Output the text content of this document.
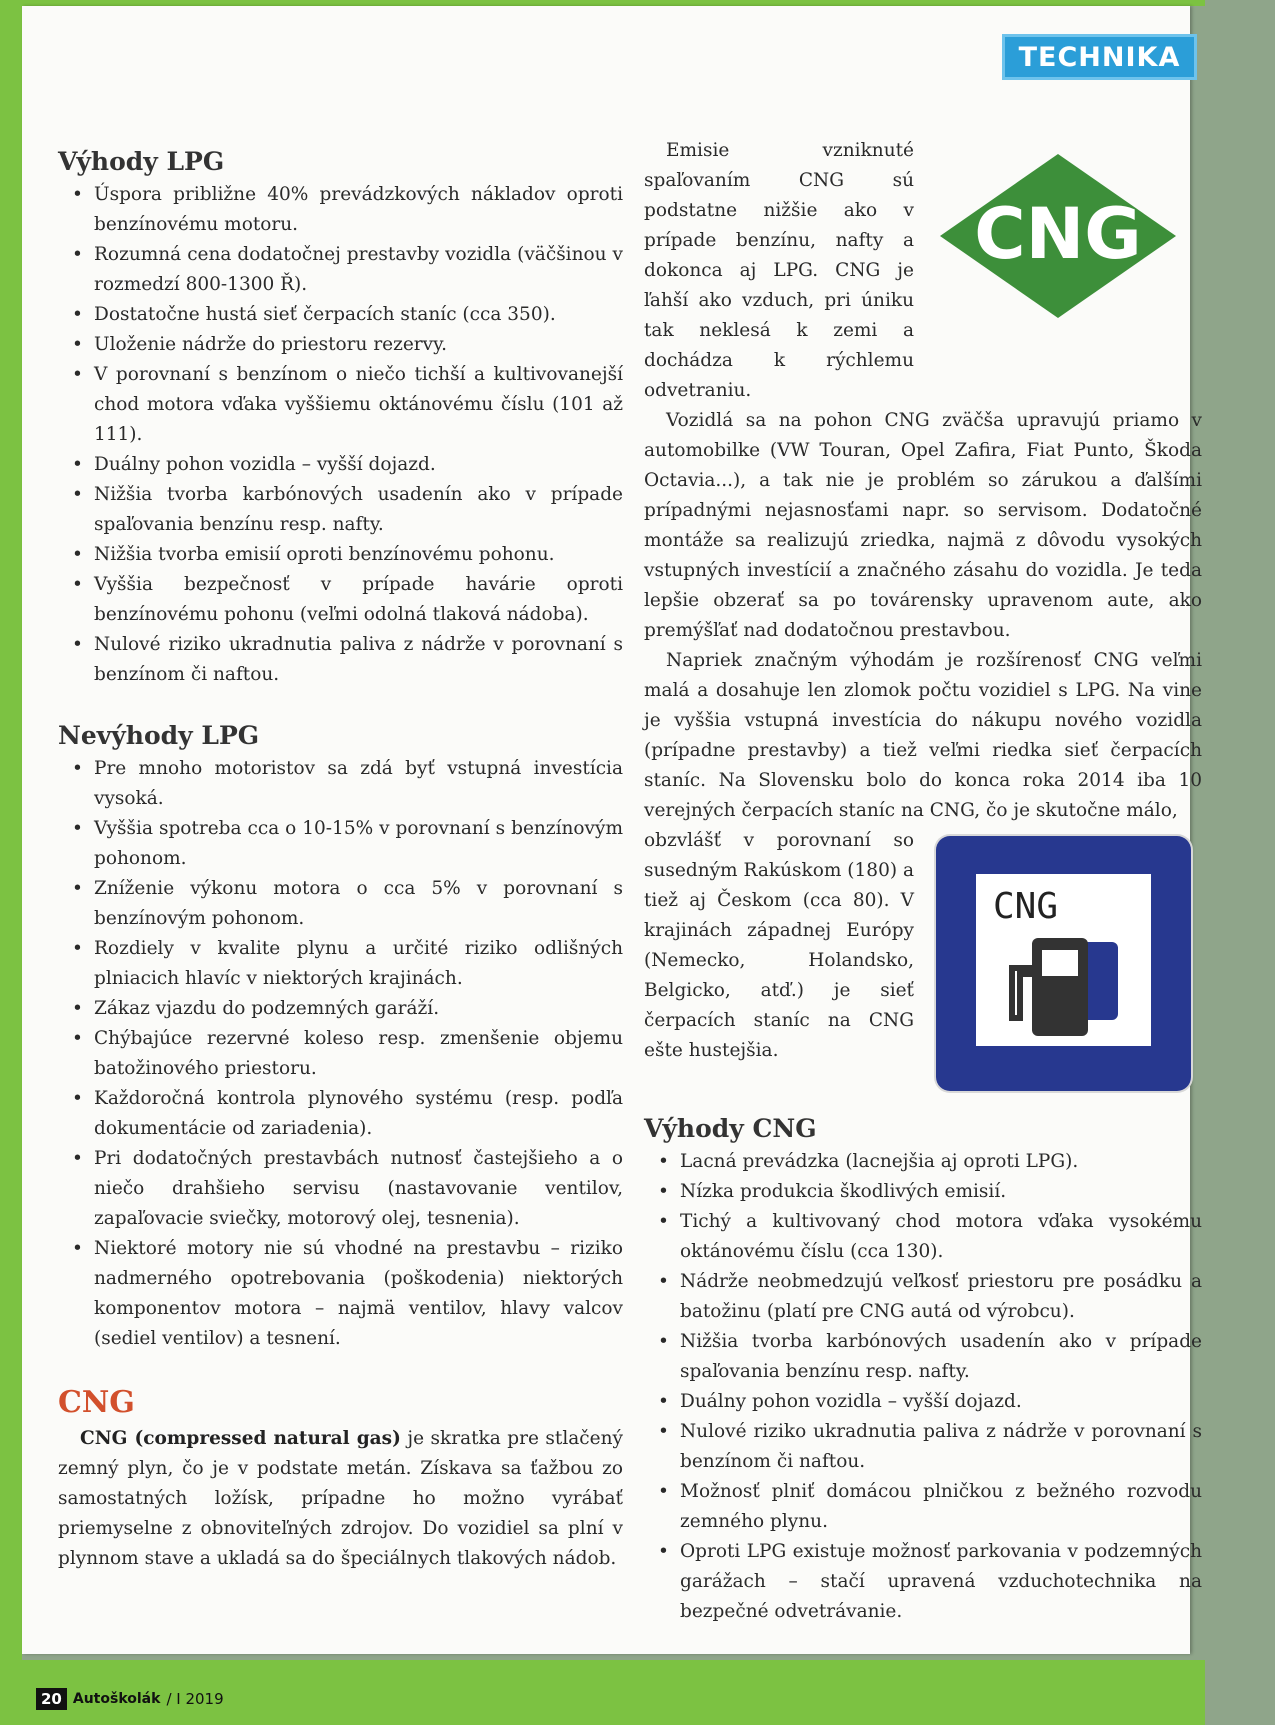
TECHNIKA
Výhody LPG
• Úspora približne 40% prevádzkových nákladov oproti benzínovému motoru.
• Rozumná cena dodatočnej prestavby vozidla (väčšinou v rozmedzí 800-1300 Ř).
• Dostatočne hustá sieť čerpacích staníc (cca 350).
• Uloženie nádrže do priestoru rezervy.
• V porovnaní s benzínom o niečo tichší a kultivovanejší chod motora vďaka vyššiemu oktánovému číslu (101 až 111).
• Duálny pohon vozidla – vyšší dojazd.
• Nižšia tvorba karbónových usadenín ako v prípade spaľovania benzínu resp. nafty.
• Nižšia tvorba emisií oproti benzínovému pohonu.
• Vyššia bezpečnosť v prípade havárie oproti benzínovému pohonu (veľmi odolná tlaková nádoba).
• Nulové riziko ukradnutia paliva z nádrže v porovnaní s benzínom či naftou.
Nevýhody LPG
• Pre mnoho motoristov sa zdá byť vstupná investícia vysoká.
• Vyššia spotreba cca o 10-15% v porovnaní s benzínovým pohonom.
• Zníženie výkonu motora o cca 5% v porovnaní s benzínovým pohonom.
• Rozdiely v kvalite plynu a určité riziko odlišných plniacich hlavíc v niektorých krajinách.
• Zákaz vjazdu do podzemných garáží.
• Chýbajúce rezervné koleso resp. zmenšenie objemu batožinového priestoru.
• Každoročná kontrola plynového systému (resp. podľa dokumentácie od zariadenia).
• Pri dodatočných prestavbách nutnosť častejšieho a o niečo drahšieho servisu (nastavovanie ventilov, zapaľovacie sviečky, motorový olej, tesnenia).
• Niektoré motory nie sú vhodné na prestavbu – riziko nadmerného opotrebovania (poškodenia) niektorých komponentov motora – najmä ventilov, hlavy valcov (sediel ventilov) a tesnení.
CNG

CNG (compressed natural gas) je skratka pre stlačený zemný plyn, čo je v podstate metán. Získava sa ťažbou zo samostatných ložísk, prípadne ho možno vyrábať priemyselne z obnoviteľných zdrojov. Do vozidiel sa plní v plynnom stave a ukladá sa do špeciálnych tlakových nádob.

Emisie vzniknuté spaľovaním CNG sú podstatne nižšie ako v prípade benzínu, nafty a dokonca aj LPG. CNG je ľahší ako vzduch, pri úniku tak neklesá k zemi a dochádza k rýchlemu odvetraniu.

CNG

Vozidlá sa na pohon CNG zväčša upravujú priamo v automobilke (VW Touran, Opel Zafira, Fiat Punto, Škoda Octavia...), a tak nie je problém so zárukou a ďalšími prípadnými nejasnosťami napr. so servisom. Dodatočné montáže sa realizujú zriedka, najmä z dôvodu vysokých vstupných investícií a značného zásahu do vozidla. Je teda lepšie obzerať sa po továrensky upravenom aute, ako premýšľať nad dodatočnou prestavbou.

Napriek značným výhodám je rozšírenosť CNG veľmi malá a dosahuje len zlomok počtu vozidiel s LPG. Na vine je vyššia vstupná investícia do nákupu nového vozidla (prípadne prestavby) a tiež veľmi riedka sieť čerpacích staníc. Na Slovensku bolo do konca roka 2014 iba 10 verejných čerpacích staníc na CNG, čo je skutočne málo,

obzvlášť v porovnaní so susedným Rakúskom (180) a tiež aj Českom (cca 80). V krajinách západnej Európy (Nemecko, Holandsko, Belgicko, atď.) je sieť čerpacích staníc na CNG ešte hustejšia.

CNG
Výhody CNG
• Lacná prevádzka (lacnejšia aj oproti LPG).
• Nízka produkcia škodlivých emisií.
• Tichý a kultivovaný chod motora vďaka vysokému oktánovému číslu (cca 130).
• Nádrže neobmedzujú veľkosť priestoru pre posádku a batožinu (platí pre CNG autá od výrobcu).
• Nižšia tvorba karbónových usadenín ako v prípade spaľovania benzínu resp. nafty.
• Duálny pohon vozidla – vyšší dojazd.
• Nulové riziko ukradnutia paliva z nádrže v porovnaní s benzínom či naftou.
• Možnosť plniť domácou plničkou z bežného rozvodu zemného plynu.
• Oproti LPG existuje možnosť parkovania v podzemných garážach – stačí upravená vzduchotechnika na bezpečné odvetrávanie.
20 Autoškolák / I 2019
